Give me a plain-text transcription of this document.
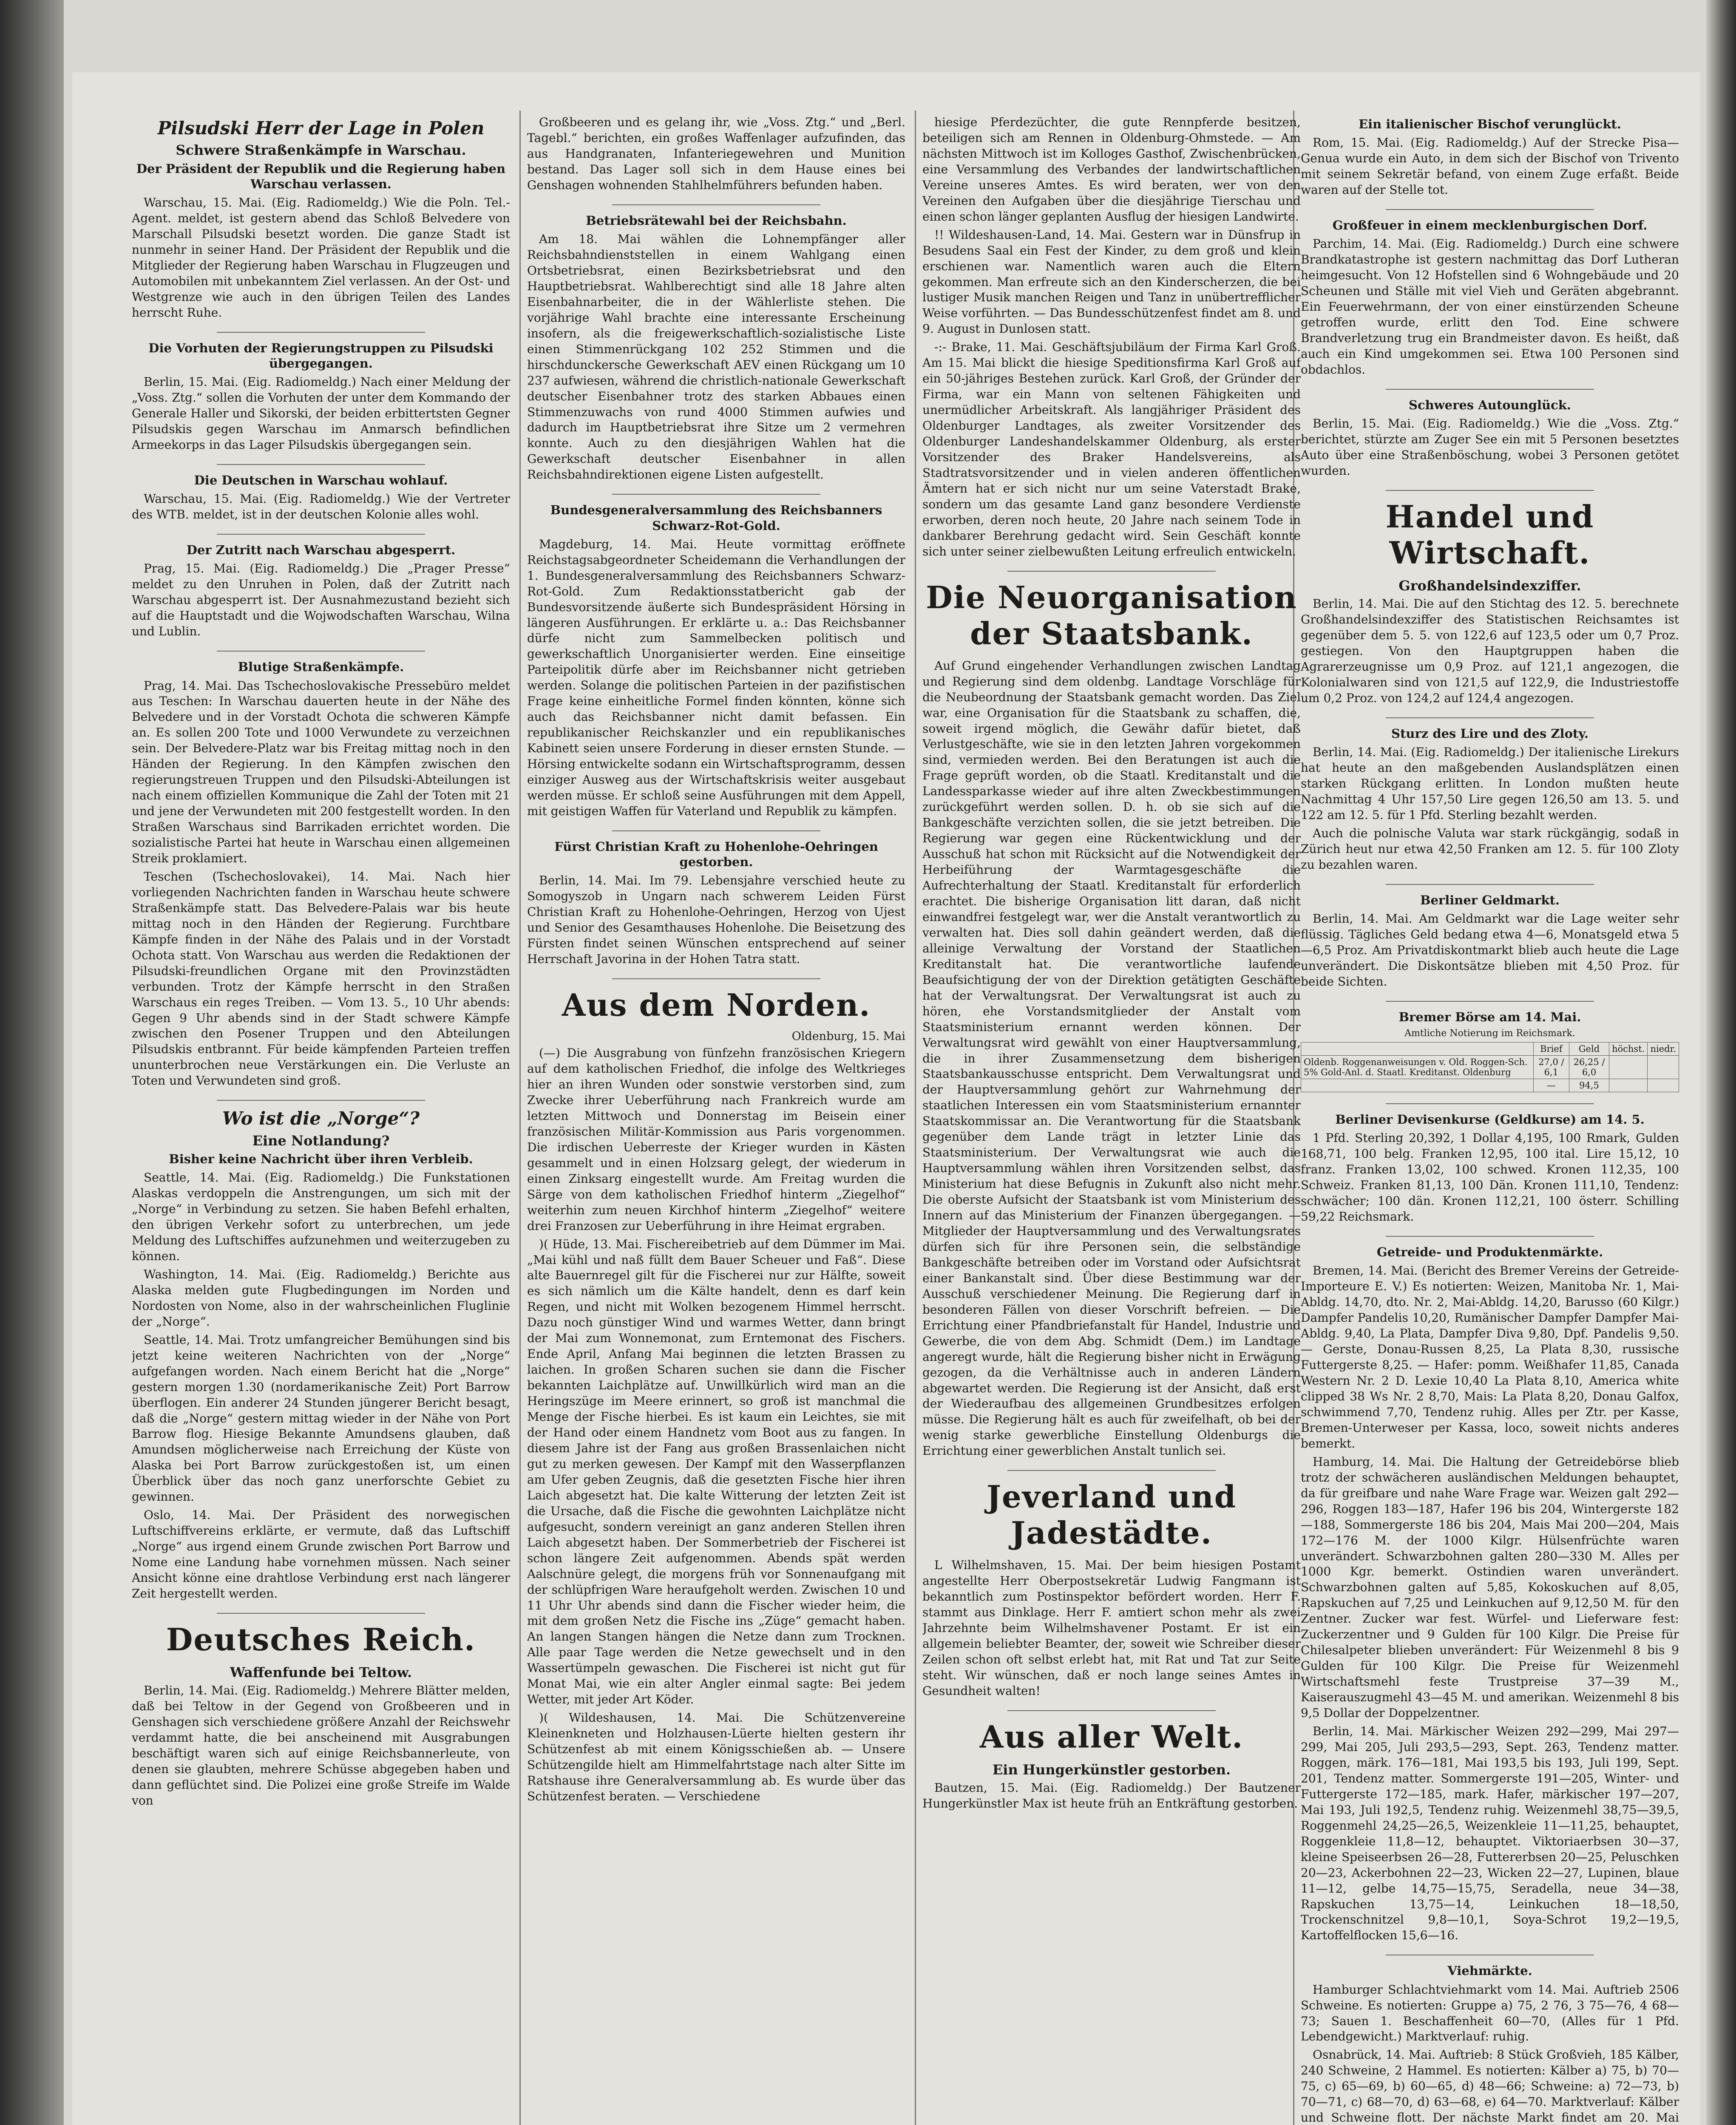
Pilsudski Herr der Lage in Polen
Schwere Straßenkämpfe in Warschau.
Der Präsident der Republik und die Regierung haben Warschau verlassen.

Warschau, 15. Mai. (Eig. Radiomeldg.) Wie die Poln. Tel.-Agent. meldet, ist gestern abend das Schloß Belvedere von Marschall Pilsudski besetzt worden. Die ganze Stadt ist nunmehr in seiner Hand. Der Präsident der Republik und die Mitglieder der Regierung haben Warschau in Flugzeugen und Automobilen mit unbekanntem Ziel verlassen. An der Ost- und Westgrenze wie auch in den übrigen Teilen des Landes herrscht Ruhe.

Die Vorhuten der Regierungstruppen zu Pilsudski übergegangen.

Berlin, 15. Mai. (Eig. Radiomeldg.) Nach einer Meldung der „Voss. Ztg.“ sollen die Vorhuten der unter dem Kommando der Generale Haller und Sikorski, der beiden erbittertsten Gegner Pilsudskis gegen Warschau im Anmarsch befindlichen Armeekorps in das Lager Pilsudskis übergegangen sein.

Die Deutschen in Warschau wohlauf.

Warschau, 15. Mai. (Eig. Radiomeldg.) Wie der Vertreter des WTB. meldet, ist in der deutschen Kolonie alles wohl.

Der Zutritt nach Warschau abgesperrt.

Prag, 15. Mai. (Eig. Radiomeldg.) Die „Prager Presse“ meldet zu den Unruhen in Polen, daß der Zutritt nach Warschau abgesperrt ist. Der Ausnahmezustand bezieht sich auf die Hauptstadt und die Wojwodschaften Warschau, Wilna und Lublin.

Blutige Straßenkämpfe.

Prag, 14. Mai. Das Tschechoslovakische Pressebüro meldet aus Teschen: In Warschau dauerten heute in der Nähe des Belvedere und in der Vorstadt Ochota die schweren Kämpfe an. Es sollen 200 Tote und 1000 Verwundete zu verzeichnen sein. Der Belvedere-Platz war bis Freitag mittag noch in den Händen der Regierung. In den Kämpfen zwischen den regierungstreuen Truppen und den Pilsudski-Abteilungen ist nach einem offiziellen Kommunique die Zahl der Toten mit 21 und jene der Verwundeten mit 200 festgestellt worden. In den Straßen Warschaus sind Barrikaden errichtet worden. Die sozialistische Partei hat heute in Warschau einen allgemeinen Streik proklamiert.

Teschen (Tschechoslovakei), 14. Mai. Nach hier vorliegenden Nachrichten fanden in Warschau heute schwere Straßenkämpfe statt. Das Belvedere-Palais war bis heute mittag noch in den Händen der Regierung. Furchtbare Kämpfe finden in der Nähe des Palais und in der Vorstadt Ochota statt. Von Warschau aus werden die Redaktionen der Pilsudski-freundlichen Organe mit den Provinzstädten verbunden. Trotz der Kämpfe herrscht in den Straßen Warschaus ein reges Treiben. — Vom 13. 5., 10 Uhr abends: Gegen 9 Uhr abends sind in der Stadt schwere Kämpfe zwischen den Posener Truppen und den Abteilungen Pilsudskis entbrannt. Für beide kämpfenden Parteien treffen ununterbrochen neue Verstärkungen ein. Die Verluste an Toten und Verwundeten sind groß.

Wo ist die „Norge“?
Eine Notlandung?
Bisher keine Nachricht über ihren Verbleib.

Seattle, 14. Mai. (Eig. Radiomeldg.) Die Funkstationen Alaskas verdoppeln die Anstrengungen, um sich mit der „Norge“ in Verbindung zu setzen. Sie haben Befehl erhalten, den übrigen Verkehr sofort zu unterbrechen, um jede Meldung des Luftschiffes aufzunehmen und weiterzugeben zu können.

Washington, 14. Mai. (Eig. Radiomeldg.) Berichte aus Alaska melden gute Flugbedingungen im Norden und Nordosten von Nome, also in der wahrscheinlichen Fluglinie der „Norge“.

Seattle, 14. Mai. Trotz umfangreicher Bemühungen sind bis jetzt keine weiteren Nachrichten von der „Norge“ aufgefangen worden. Nach einem Bericht hat die „Norge“ gestern morgen 1.30 (nordamerikanische Zeit) Port Barrow überflogen. Ein anderer 24 Stunden jüngerer Bericht besagt, daß die „Norge“ gestern mittag wieder in der Nähe von Port Barrow flog. Hiesige Bekannte Amundsens glauben, daß Amundsen möglicherweise nach Erreichung der Küste von Alaska bei Port Barrow zurückgestoßen ist, um einen Überblick über das noch ganz unerforschte Gebiet zu gewinnen.

Oslo, 14. Mai. Der Präsident des norwegischen Luftschiffvereins erklärte, er vermute, daß das Luftschiff „Norge“ aus irgend einem Grunde zwischen Port Barrow und Nome eine Landung habe vornehmen müssen. Nach seiner Ansicht könne eine drahtlose Verbindung erst nach längerer Zeit hergestellt werden.

Deutsches Reich.
Waffenfunde bei Teltow.

Berlin, 14. Mai. (Eig. Radiomeldg.) Mehrere Blätter melden, daß bei Teltow in der Gegend von Großbeeren und in Genshagen sich verschiedene größere Anzahl der Reichswehr verdammt hatte, die bei anscheinend mit Ausgrabungen beschäftigt waren sich auf einige Reichsbannerleute, von denen sie glaubten, mehrere Schüsse abgegeben haben und dann geflüchtet sind. Die Polizei eine große Streife im Walde von

Großbeeren und es gelang ihr, wie „Voss. Ztg.“ und „Berl. Tagebl.“ berichten, ein großes Waffenlager aufzufinden, das aus Handgranaten, Infanteriegewehren und Munition bestand. Das Lager soll sich in dem Hause eines bei Genshagen wohnenden Stahlhelmführers befunden haben.

Betriebsrätewahl bei der Reichsbahn.

Am 18. Mai wählen die Lohnempfänger aller Reichsbahndienststellen in einem Wahlgang einen Ortsbetriebsrat, einen Bezirksbetriebsrat und den Hauptbetriebsrat. Wahlberechtigt sind alle 18 Jahre alten Eisenbahnarbeiter, die in der Wählerliste stehen. Die vorjährige Wahl brachte eine interessante Erscheinung insofern, als die freigewerkschaftlich-sozialistische Liste einen Stimmenrückgang 102 252 Stimmen und die hirschdunckersche Gewerkschaft AEV einen Rückgang um 10 237 aufwiesen, während die christlich-nationale Gewerkschaft deutscher Eisenbahner trotz des starken Abbaues einen Stimmenzuwachs von rund 4000 Stimmen aufwies und dadurch im Hauptbetriebsrat ihre Sitze um 2 vermehren konnte. Auch zu den diesjährigen Wahlen hat die Gewerkschaft deutscher Eisenbahner in allen Reichsbahndirektionen eigene Listen aufgestellt.

Bundesgeneralversammlung des Reichsbanners Schwarz-Rot-Gold.

Magdeburg, 14. Mai. Heute vormittag eröffnete Reichstagsabgeordneter Scheidemann die Verhandlungen der 1. Bundesgeneralversammlung des Reichsbanners Schwarz-Rot-Gold. Zum Redaktionsstatbericht gab der Bundesvorsitzende äußerte sich Bundespräsident Hörsing in längeren Ausführungen. Er erklärte u. a.: Das Reichsbanner dürfe nicht zum Sammelbecken politisch und gewerkschaftlich Unorganisierter werden. Eine einseitige Parteipolitik dürfe aber im Reichsbanner nicht getrieben werden. Solange die politischen Parteien in der pazifistischen Frage keine einheitliche Formel finden könnten, könne sich auch das Reichsbanner nicht damit befassen. Ein republikanischer Reichskanzler und ein republikanisches Kabinett seien unsere Forderung in dieser ernsten Stunde. — Hörsing entwickelte sodann ein Wirtschaftsprogramm, dessen einziger Ausweg aus der Wirtschaftskrisis weiter ausgebaut werden müsse. Er schloß seine Ausführungen mit dem Appell, mit geistigen Waffen für Vaterland und Republik zu kämpfen.

Fürst Christian Kraft zu Hohenlohe-Oehringen gestorben.

Berlin, 14. Mai. Im 79. Lebensjahre verschied heute zu Somogyszob in Ungarn nach schwerem Leiden Fürst Christian Kraft zu Hohenlohe-Oehringen, Herzog von Ujest und Senior des Gesamthauses Hohenlohe. Die Beisetzung des Fürsten findet seinen Wünschen entsprechend auf seiner Herrschaft Javorina in der Hohen Tatra statt.

Aus dem Norden.
Oldenburg, 15. Mai

(—) Die Ausgrabung von fünfzehn französischen Kriegern auf dem katholischen Friedhof, die infolge des Weltkrieges hier an ihren Wunden oder sonstwie verstorben sind, zum Zwecke ihrer Ueberführung nach Frankreich wurde am letzten Mittwoch und Donnerstag im Beisein einer französischen Militär-Kommission aus Paris vorgenommen. Die irdischen Ueberreste der Krieger wurden in Kästen gesammelt und in einen Holzsarg gelegt, der wiederum in einen Zinksarg eingestellt wurde. Am Freitag wurden die Särge von dem katholischen Friedhof hinterm „Ziegelhof“ weiterhin zum neuen Kirchhof hinterm „Ziegelhof“ weitere drei Franzosen zur Ueberführung in ihre Heimat ergraben.

)( Hüde, 13. Mai. Fischereibetrieb auf dem Dümmer im Mai. „Mai kühl und naß füllt dem Bauer Scheuer und Faß“. Diese alte Bauernregel gilt für die Fischerei nur zur Hälfte, soweit es sich nämlich um die Kälte handelt, denn es darf kein Regen, und nicht mit Wolken bezogenem Himmel herrscht. Dazu noch günstiger Wind und warmes Wetter, dann bringt der Mai zum Wonnemonat, zum Erntemonat des Fischers. Ende April, Anfang Mai beginnen die letzten Brassen zu laichen. In großen Scharen suchen sie dann die Fischer bekannten Laichplätze auf. Unwillkürlich wird man an die Heringszüge im Meere erinnert, so groß ist manchmal die Menge der Fische hierbei. Es ist kaum ein Leichtes, sie mit der Hand oder einem Handnetz vom Boot aus zu fangen. In diesem Jahre ist der Fang aus großen Brassenlaichen nicht gut zu merken gewesen. Der Kampf mit den Wasserpflanzen am Ufer geben Zeugnis, daß die gesetzten Fische hier ihren Laich abgesetzt hat. Die kalte Witterung der letzten Zeit ist die Ursache, daß die Fische die gewohnten Laichplätze nicht aufgesucht, sondern vereinigt an ganz anderen Stellen ihren Laich abgesetzt haben. Der Sommerbetrieb der Fischerei ist schon längere Zeit aufgenommen. Abends spät werden Aalschnüre gelegt, die morgens früh vor Sonnenaufgang mit der schlüpfrigen Ware heraufgeholt werden. Zwischen 10 und 11 Uhr Uhr abends sind dann die Fischer wieder heim, die mit dem großen Netz die Fische ins „Züge“ gemacht haben. An langen Stangen hängen die Netze dann zum Trocknen. Alle paar Tage werden die Netze gewechselt und in den Wassertümpeln gewaschen. Die Fischerei ist nicht gut für Monat Mai, wie ein alter Angler einmal sagte: Bei jedem Wetter, mit jeder Art Köder.

)( Wildeshausen, 14. Mai. Die Schützenvereine Kleinenkneten und Holzhausen-Lüerte hielten gestern ihr Schützenfest ab mit einem Königsschießen ab. — Unsere Schützengilde hielt am Himmelfahrtstage nach alter Sitte im Ratshause ihre Generalversammlung ab. Es wurde über das Schützenfest beraten. — Verschiedene

hiesige Pferdezüchter, die gute Rennpferde besitzen, beteiligen sich am Rennen in Oldenburg-Ohmstede. — Am nächsten Mittwoch ist im Kolloges Gasthof, Zwischenbrücken, eine Versammlung des Verbandes der landwirtschaftlichen Vereine unseres Amtes. Es wird beraten, wer von den Vereinen den Aufgaben über die diesjährige Tierschau und einen schon länger geplanten Ausflug der hiesigen Landwirte.

!! Wildeshausen-Land, 14. Mai. Gestern war in Dünsfrup in Besudens Saal ein Fest der Kinder, zu dem groß und klein erschienen war. Namentlich waren auch die Eltern gekommen. Man erfreute sich an den Kinderscherzen, die bei lustiger Musik manchen Reigen und Tanz in unübertrefflicher Weise vorführten. — Das Bundesschützenfest findet am 8. und 9. August in Dunlosen statt.

-:- Brake, 11. Mai. Geschäftsjubiläum der Firma Karl Groß. Am 15. Mai blickt die hiesige Speditionsfirma Karl Groß auf ein 50-jähriges Bestehen zurück. Karl Groß, der Gründer der Firma, war ein Mann von seltenen Fähigkeiten und unermüdlicher Arbeitskraft. Als langjähriger Präsident des Oldenburger Landtages, als zweiter Vorsitzender des Oldenburger Landeshandelskammer Oldenburg, als erster Vorsitzender des Braker Handelsvereins, als Stadtratsvorsitzender und in vielen anderen öffentlichen Ämtern hat er sich nicht nur um seine Vaterstadt Brake, sondern um das gesamte Land ganz besondere Verdienste erworben, deren noch heute, 20 Jahre nach seinem Tode in dankbarer Berehrung gedacht wird. Sein Geschäft konnte sich unter seiner zielbewußten Leitung erfreulich entwickeln.

Die Neuorganisation der Staatsbank.

Auf Grund eingehender Verhandlungen zwischen Landtag und Regierung sind dem oldenbg. Landtage Vorschläge für die Neubeordnung der Staatsbank gemacht worden. Das Ziel war, eine Organisation für die Staatsbank zu schaffen, die, soweit irgend möglich, die Gewähr dafür bietet, daß Verlustgeschäfte, wie sie in den letzten Jahren vorgekommen sind, vermieden werden. Bei den Beratungen ist auch die Frage geprüft worden, ob die Staatl. Kreditanstalt und die Landessparkasse wieder auf ihre alten Zweckbestimmungen zurückgeführt werden sollen. D. h. ob sie sich auf die Bankgeschäfte verzichten sollen, die sie jetzt betreiben. Die Regierung war gegen eine Rückentwicklung und der Ausschuß hat schon mit Rücksicht auf die Notwendigkeit der Herbeiführung der Warmtagesgeschäfte die Aufrechterhaltung der Staatl. Kreditanstalt für erforderlich erachtet. Die bisherige Organisation litt daran, daß nicht einwandfrei festgelegt war, wer die Anstalt verantwortlich zu verwalten hat. Dies soll dahin geändert werden, daß die alleinige Verwaltung der Vorstand der Staatlichen Kreditanstalt hat. Die verantwortliche laufende Beaufsichtigung der von der Direktion getätigten Geschäfte hat der Verwaltungsrat. Der Verwaltungsrat ist auch zu hören, ehe Vorstandsmitglieder der Anstalt vom Staatsministerium ernannt werden können. Der Verwaltungsrat wird gewählt von einer Hauptversammlung, die in ihrer Zusammensetzung dem bisherigen Staatsbankausschusse entspricht. Dem Verwaltungsrat und der Hauptversammlung gehört zur Wahrnehmung der staatlichen Interessen ein vom Staatsministerium ernannter Staatskommissar an. Die Verantwortung für die Staatsbank gegenüber dem Lande trägt in letzter Linie das Staatsministerium. Der Verwaltungsrat wie auch die Hauptversammlung wählen ihren Vorsitzenden selbst, das Ministerium hat diese Befugnis in Zukunft also nicht mehr. Die oberste Aufsicht der Staatsbank ist vom Ministerium des Innern auf das Ministerium der Finanzen übergegangen. — Mitglieder der Hauptversammlung und des Verwaltungsrates dürfen sich für ihre Personen sein, die selbständige Bankgeschäfte betreiben oder im Vorstand oder Aufsichtsrat einer Bankanstalt sind. Über diese Bestimmung war der Ausschuß verschiedener Meinung. Die Regierung darf in besonderen Fällen von dieser Vorschrift befreien. — Die Errichtung einer Pfandbriefanstalt für Handel, Industrie und Gewerbe, die von dem Abg. Schmidt (Dem.) im Landtage angeregt wurde, hält die Regierung bisher nicht in Erwägung gezogen, da die Verhältnisse auch in anderen Ländern abgewartet werden. Die Regierung ist der Ansicht, daß erst der Wiederaufbau des allgemeinen Grundbesitzes erfolgen müsse. Die Regierung hält es auch für zweifelhaft, ob bei der wenig starke gewerbliche Einstellung Oldenburgs die Errichtung einer gewerblichen Anstalt tunlich sei.

Jeverland und Jadestädte.

L Wilhelmshaven, 15. Mai. Der beim hiesigen Postamt angestellte Herr Oberpostsekretär Ludwig Fangmann ist bekanntlich zum Postinspektor befördert worden. Herr F. stammt aus Dinklage. Herr F. amtiert schon mehr als zwei Jahrzehnte beim Wilhelmshavener Postamt. Er ist ein allgemein beliebter Beamter, der, soweit wie Schreiber dieser Zeilen schon oft selbst erlebt hat, mit Rat und Tat zur Seite steht. Wir wünschen, daß er noch lange seines Amtes in Gesundheit walten!

Aus aller Welt.
Ein Hungerkünstler gestorben.

Bautzen, 15. Mai. (Eig. Radiomeldg.) Der Bautzener Hungerkünstler Max ist heute früh an Entkräftung gestorben.

Ein italienischer Bischof verunglückt.

Rom, 15. Mai. (Eig. Radiomeldg.) Auf der Strecke Pisa—Genua wurde ein Auto, in dem sich der Bischof von Trivento mit seinem Sekretär befand, von einem Zuge erfaßt. Beide waren auf der Stelle tot.

Großfeuer in einem mecklenburgischen Dorf.

Parchim, 14. Mai. (Eig. Radiomeldg.) Durch eine schwere Brandkatastrophe ist gestern nachmittag das Dorf Lutheran heimgesucht. Von 12 Hofstellen sind 6 Wohngebäude und 20 Scheunen und Ställe mit viel Vieh und Geräten abgebrannt. Ein Feuerwehrmann, der von einer einstürzenden Scheune getroffen wurde, erlitt den Tod. Eine schwere Brandverletzung trug ein Brandmeister davon. Es heißt, daß auch ein Kind umgekommen sei. Etwa 100 Personen sind obdachlos.

Schweres Autounglück.

Berlin, 15. Mai. (Eig. Radiomeldg.) Wie die „Voss. Ztg.“ berichtet, stürzte am Zuger See ein mit 5 Personen besetztes Auto über eine Straßenböschung, wobei 3 Personen getötet wurden.

Handel und Wirtschaft.
Großhandelsindexziffer.

Berlin, 14. Mai. Die auf den Stichtag des 12. 5. berechnete Großhandelsindexziffer des Statistischen Reichsamtes ist gegenüber dem 5. 5. von 122,6 auf 123,5 oder um 0,7 Proz. gestiegen. Von den Hauptgruppen haben die Agrarerzeugnisse um 0,9 Proz. auf 121,1 angezogen, die Kolonialwaren sind von 121,5 auf 122,9, die Industriestoffe um 0,2 Proz. von 124,2 auf 124,4 angezogen.

Sturz des Lire und des Zloty.

Berlin, 14. Mai. (Eig. Radiomeldg.) Der italienische Lirekurs hat heute an den maßgebenden Auslandsplätzen einen starken Rückgang erlitten. In London mußten heute Nachmittag 4 Uhr 157,50 Lire gegen 126,50 am 13. 5. und 122 am 12. 5. für 1 Pfd. Sterling bezahlt werden.

Auch die polnische Valuta war stark rückgängig, sodaß in Zürich heut nur etwa 42,50 Franken am 12. 5. für 100 Zloty zu bezahlen waren.

Berliner Geldmarkt.

Berlin, 14. Mai. Am Geldmarkt war die Lage weiter sehr flüssig. Tägliches Geld bedang etwa 4—6, Monatsgeld etwa 5—6,5 Proz. Am Privatdiskontmarkt blieb auch heute die Lage unverändert. Die Diskontsätze blieben mit 4,50 Proz. für beide Sichten.

Bremer Börse am 14. Mai.
Amtliche Notierung im Reichsmark.
	Brief	Geld	höchst.	niedr.
Oldenb. Roggenanweisungen v. Old. Roggen-Sch. 5% Gold-Anl. d. Staatl. Kreditanst. Oldenburg	27,0 / 6,1	26,25 / 6,0		
	—	94,5		
Berliner Devisenkurse (Geldkurse) am 14. 5.

1 Pfd. Sterling 20,392, 1 Dollar 4,195, 100 Rmark, Gulden 168,71, 100 belg. Franken 12,95, 100 ital. Lire 15,12, 10 franz. Franken 13,02, 100 schwed. Kronen 112,35, 100 Schweiz. Franken 81,13, 100 Dän. Kronen 111,10, Tendenz: schwächer; 100 dän. Kronen 112,21, 100 österr. Schilling 59,22 Reichsmark.

Getreide- und Produktenmärkte.

Bremen, 14. Mai. (Bericht des Bremer Vereins der Getreide-Importeure E. V.) Es notierten: Weizen, Manitoba Nr. 1, Mai-Abldg. 14,70, dto. Nr. 2, Mai-Abldg. 14,20, Barusso (60 Kilgr.) Dampfer Pandelis 10,20, Rumänischer Dampfer Dampfer Mai-Abldg. 9,40, La Plata, Dampfer Diva 9,80, Dpf. Pandelis 9,50. — Gerste, Donau-Russen 8,25, La Plata 8,30, russische Futtergerste 8,25. — Hafer: pomm. Weißhafer 11,85, Canada Western Nr. 2 D. Lexie 10,40 La Plata 8,10, America white clipped 38 Ws Nr. 2 8,70, Mais: La Plata 8,20, Donau Galfox, schwimmend 7,70, Tendenz ruhig. Alles per Ztr. per Kasse, Bremen-Unterweser per Kassa, loco, soweit nichts anderes bemerkt.

Hamburg, 14. Mai. Die Haltung der Getreidebörse blieb trotz der schwächeren ausländischen Meldungen behauptet, da für greifbare und nahe Ware Frage war. Weizen galt 292—296, Roggen 183—187, Hafer 196 bis 204, Wintergerste 182—188, Sommergerste 186 bis 204, Mais Mai 200—204, Mais 172—176 M. der 1000 Kilgr. Hülsenfrüchte waren unverändert. Schwarzbohnen galten 280—330 M. Alles per 1000 Kgr. bemerkt. Ostindien waren unverändert. Schwarzbohnen galten auf 5,85, Kokoskuchen auf 8,05, Rapskuchen auf 7,25 und Leinkuchen auf 9,12,50 M. für den Zentner. Zucker war fest. Würfel- und Lieferware fest: Zuckerzentner und 9 Gulden für 100 Kilgr. Die Preise für Chilesalpeter blieben unverändert: Für Weizenmehl 8 bis 9 Gulden für 100 Kilgr. Die Preise für Weizenmehl Wirtschaftsmehl feste Trustpreise 37—39 M., Kaiserauszugmehl 43—45 M. und amerikan. Weizenmehl 8 bis 9,5 Dollar der Doppelzentner.

Berlin, 14. Mai. Märkischer Weizen 292—299, Mai 297—299, Mai 205, Juli 293,5—293, Sept. 263, Tendenz matter. Roggen, märk. 176—181, Mai 193,5 bis 193, Juli 199, Sept. 201, Tendenz matter. Sommergerste 191—205, Winter- und Futtergerste 172—185, mark. Hafer, märkischer 197—207, Mai 193, Juli 192,5, Tendenz ruhig. Weizenmehl 38,75—39,5, Roggenmehl 24,25—26,5, Weizenkleie 11—11,25, behauptet, Roggenkleie 11,8—12, behauptet. Viktoriaerbsen 30—37, kleine Speiseerbsen 26—28, Futtererbsen 20—25, Peluschken 20—23, Ackerbohnen 22—23, Wicken 22—27, Lupinen, blaue 11—12, gelbe 14,75—15,75, Seradella, neue 34—38, Rapskuchen 13,75—14, Leinkuchen 18—18,50, Trockenschnitzel 9,8—10,1, Soya-Schrot 19,2—19,5, Kartoffelflocken 15,6—16.

Viehmärkte.

Hamburger Schlachtviehmarkt vom 14. Mai. Auftrieb 2506 Schweine. Es notierten: Gruppe a) 75, 2 76, 3 75—76, 4 68—73; Sauen 1. Beschaffenheit 60—70, (Alles für 1 Pfd. Lebendgewicht.) Marktverlauf: ruhig.

Osnabrück, 14. Mai. Auftrieb: 8 Stück Großvieh, 185 Kälber, 240 Schweine, 2 Hammel. Es notierten: Kälber a) 75, b) 70—75, c) 65—69, b) 60—65, d) 48—66; Schweine: a) 72—73, b) 70—71, c) 68—70, d) 63—68, e) 64—70. Marktverlauf: Kälber und Schweine flott. Der nächste Markt findet am 20. Mai
